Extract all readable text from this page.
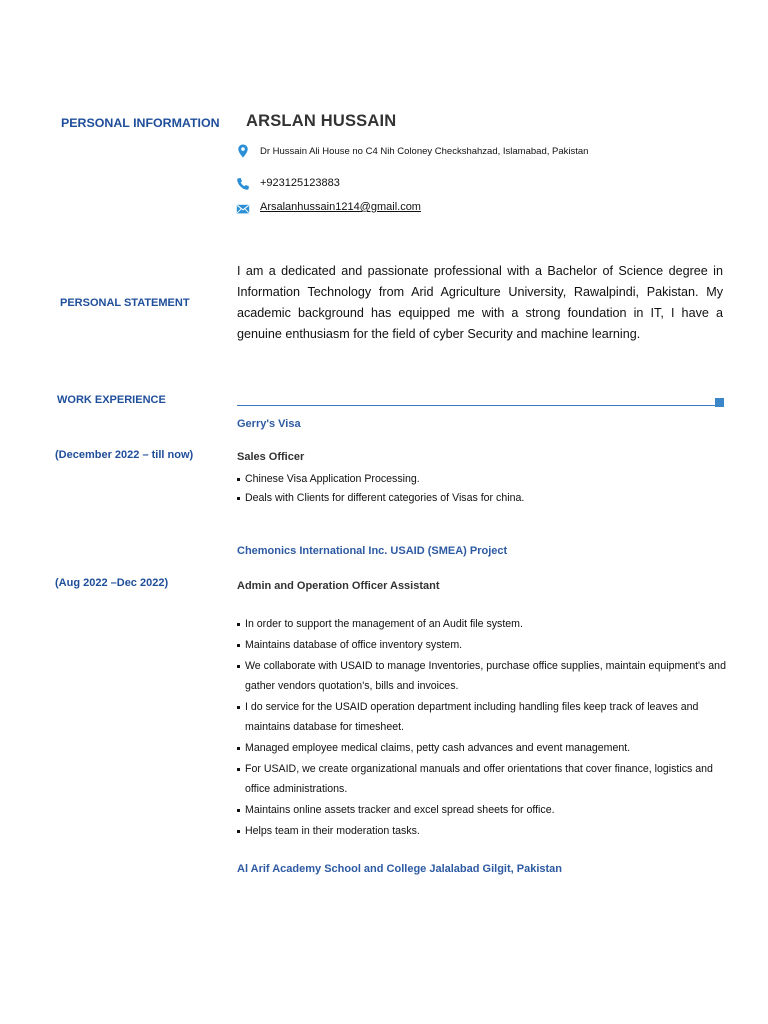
PERSONAL INFORMATION
PERSONAL STATEMENT
WORK EXPERIENCE
ARSLAN HUSSAIN
Dr Hussain Ali House no C4 Nih Coloney Checkshahzad, Islamabad, Pakistan
+923125123883
Arsalanhussain1214@gmail.com
I am a dedicated and passionate professional with a Bachelor of Science degree in Information Technology from Arid Agriculture University, Rawalpindi, Pakistan. My academic background has equipped me with a strong foundation in IT, I have a genuine enthusiasm for the field of cyber Security and machine learning.
Gerry's Visa
(December 2022 – till now)	Sales Officer
Chinese Visa Application Processing.
Deals with Clients for different categories of Visas for china.
Chemonics International Inc. USAID (SMEA) Project
(Aug 2022 –Dec 2022)	Admin and Operation Officer Assistant
In order to support the management of an Audit file system.
Maintains database of office inventory system.
We collaborate with USAID to manage Inventories, purchase office supplies, maintain equipment's and gather vendors quotation's, bills and invoices.
I do service for the USAID operation department including handling files keep track of leaves and maintains database for timesheet.
Managed employee medical claims, petty cash advances and event management.
For USAID, we create organizational manuals and offer orientations that cover finance, logistics and office administrations.
Maintains online assets tracker and excel spread sheets for office.
Helps team in their moderation tasks.
Al Arif Academy School and College Jalalabad Gilgit, Pakistan
